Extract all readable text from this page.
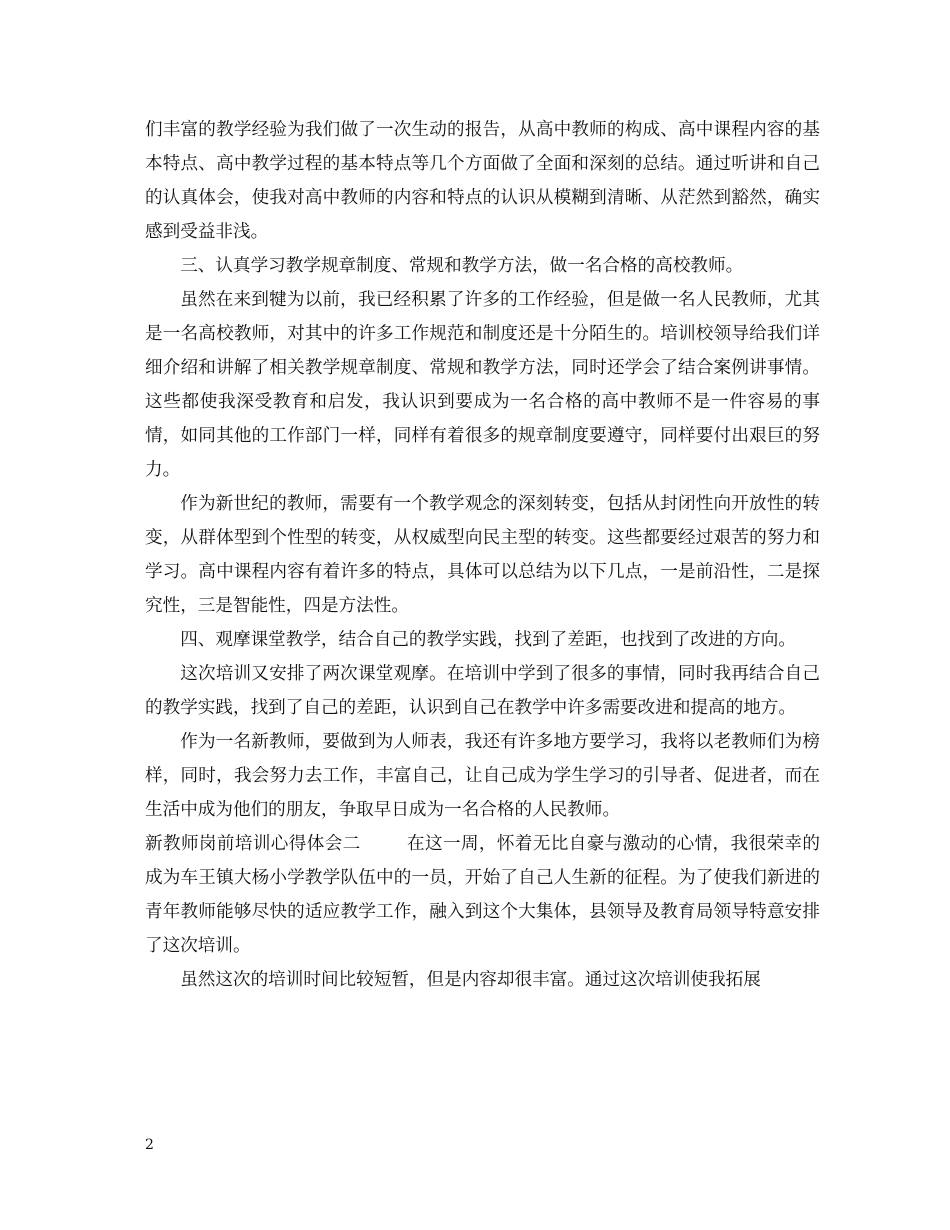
们丰富的教学经验为我们做了一次生动的报告，从高中教师的构成、高中课程内容的基本特点、高中教学过程的基本特点等几个方面做了全面和深刻的总结。通过听讲和自己的认真体会，使我对高中教师的内容和特点的认识从模糊到清晰、从茫然到豁然，确实感到受益非浅。

三、认真学习教学规章制度、常规和教学方法，做一名合格的高校教师。

虽然在来到犍为以前，我已经积累了许多的工作经验，但是做一名人民教师，尤其是一名高校教师，对其中的许多工作规范和制度还是十分陌生的。培训校领导给我们详细介绍和讲解了相关教学规章制度、常规和教学方法，同时还学会了结合案例讲事情。这些都使我深受教育和启发，我认识到要成为一名合格的高中教师不是一件容易的事情，如同其他的工作部门一样，同样有着很多的规章制度要遵守，同样要付出艰巨的努力。

作为新世纪的教师，需要有一个教学观念的深刻转变，包括从封闭性向开放性的转变，从群体型到个性型的转变，从权威型向民主型的转变。这些都要经过艰苦的努力和学习。高中课程内容有着许多的特点，具体可以总结为以下几点，一是前沿性，二是探究性，三是智能性，四是方法性。

四、观摩课堂教学，结合自己的教学实践，找到了差距，也找到了改进的方向。

这次培训又安排了两次课堂观摩。在培训中学到了很多的事情，同时我再结合自己的教学实践，找到了自己的差距，认识到自己在教学中许多需要改进和提高的地方。

作为一名新教师，要做到为人师表，我还有许多地方要学习，我将以老教师们为榜样，同时，我会努力去工作，丰富自己，让自己成为学生学习的引导者、促进者，而在生活中成为他们的朋友，争取早日成为一名合格的人民教师。

新教师岗前培训心得体会二	在这一周，怀着无比自豪与激动的心情，我很荣幸的成为车王镇大杨小学教学队伍中的一员，开始了自己人生新的征程。为了使我们新进的青年教师能够尽快的适应教学工作，融入到这个大集体，县领导及教育局领导特意安排了这次培训。

虽然这次的培训时间比较短暂，但是内容却很丰富。通过这次培训使我拓展

2
